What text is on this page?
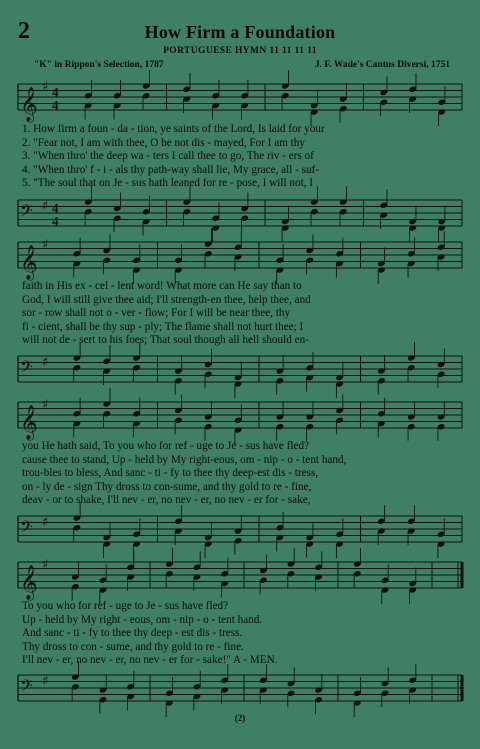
2	How Firm a Foundation
PORTUGUESE HYMN 11 11 11 11
"K" in Rippon's Selection, 1787	J. F. Wade's Cantus Diversi, 1751
𝄞 ♯ 4
4
1. How firm a foun - da - tion, ye saints of the Lord, Is laid for your
2. "Fear not, I am with thee, O be not dis - mayed, For I am thy
3. "When thro' the deep wa - ters I call thee to go, The riv - ers of
4. "When thro' f - i - als thy path-way shall lie, My grace, all - suf-
5. "The soul that on Je - sus hath leaned for re - pose, I will not, I
𝄢 ♯ 4
4
𝄞 ♯
faith in His ex - cel - lent word! What more can He say than to
God, I will still give thee aid; I'll strength-en thee, help thee, and
sor - row shall not o - ver - flow; For I will be near thee, thy
fi - cient, shall be thy sup - ply; The flame shall not hurt thee; I
will not de - sert to his foes; That soul though all hell should en-
𝄢 ♯
𝄞 ♯
you He hath said, To you who for ref - uge to Je - sus have fled?
cause thee to stand, Up - held by My right-eous, om - nip - o - tent hand,
trou-bles to bless, And sanc - ti - fy to thee thy deep-est dis - tress,
on - ly de - sign Thy dross to con-sume, and thy gold to re - fine,
deav - or to shake, I'll nev - er, no nev - er, no nev - er for - sake,
𝄢 ♯
𝄞 ♯
To you who for ref - uge to Je - sus have fled?
Up - held by My right - eous, om - nip - o - tent hand.
And sanc - ti - fy to thee thy deep - est dis - tress.
Thy dross to con - sume, and thy gold to re - fine.
I'll nev - er, no nev - er, no nev - er for - sake!" A - MEN.
𝄢 ♯
(2)
